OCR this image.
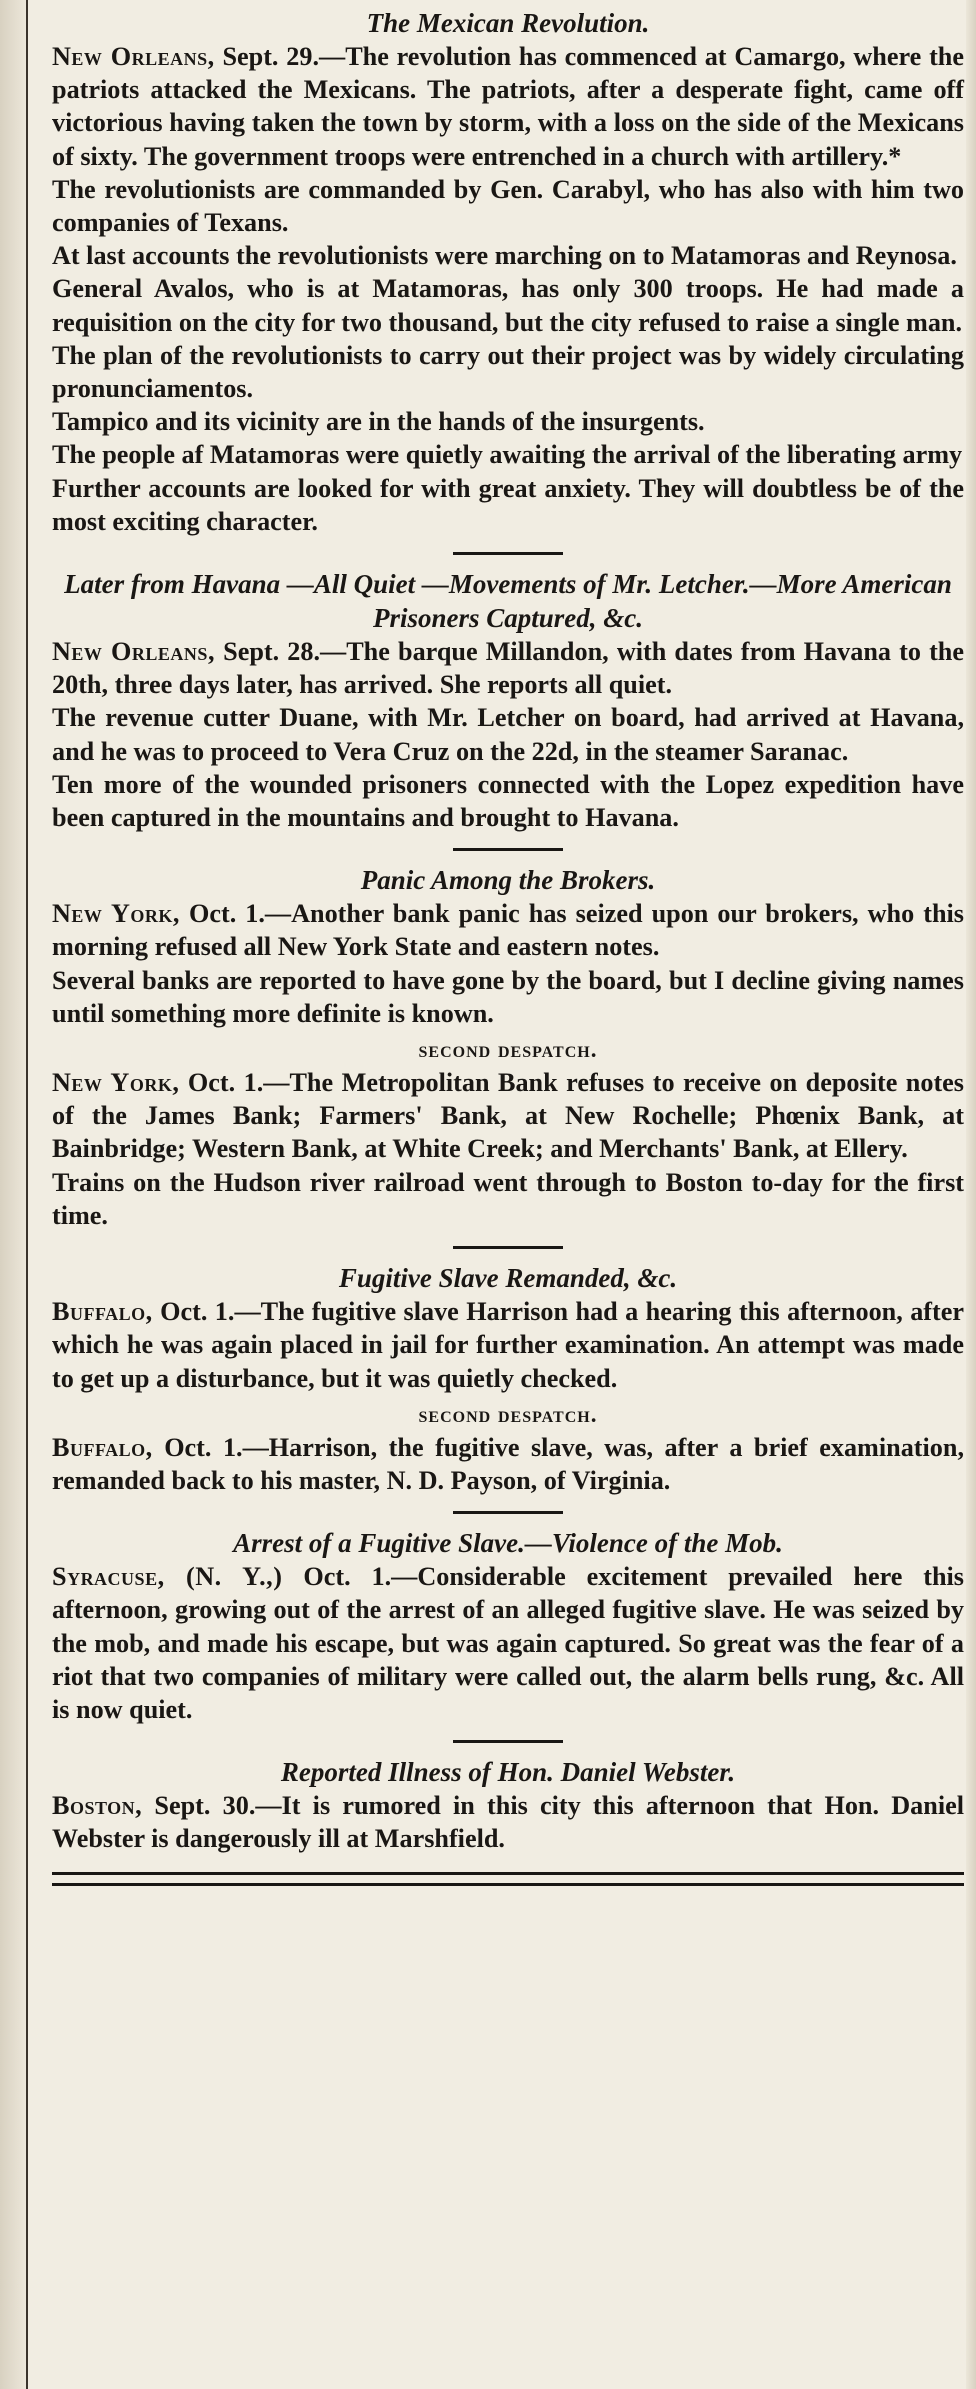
The Mexican Revolution.

New Orleans, Sept. 29.—The revolution has commenced at Camargo, where the patriots attacked the Mexicans. The patriots, after a desperate fight, came off victorious having taken the town by storm, with a loss on the side of the Mexicans of sixty. The government troops were entrenched in a church with artillery.*

The revolutionists are commanded by Gen. Carabyl, who has also with him two companies of Texans.

At last accounts the revolutionists were marching on to Matamoras and Reynosa.

General Avalos, who is at Matamoras, has only 300 troops. He had made a requisition on the city for two thousand, but the city refused to raise a single man.

The plan of the revolutionists to carry out their project was by widely circulating pronunciamentos.

Tampico and its vicinity are in the hands of the insurgents.

The people af Matamoras were quietly awaiting the arrival of the liberating army

Further accounts are looked for with great anxiety. They will doubtless be of the most exciting character.

Later from Havana —All Quiet —Movements of Mr. Letcher.—More American Prisoners Captured, &c.

New Orleans, Sept. 28.—The barque Millandon, with dates from Havana to the 20th, three days later, has arrived. She reports all quiet.

The revenue cutter Duane, with Mr. Letcher on board, had arrived at Havana, and he was to proceed to Vera Cruz on the 22d, in the steamer Saranac.

Ten more of the wounded prisoners connected with the Lopez expedition have been captured in the mountains and brought to Havana.

Panic Among the Brokers.

New York, Oct. 1.—Another bank panic has seized upon our brokers, who this morning refused all New York State and eastern notes.

Several banks are reported to have gone by the board, but I decline giving names until something more definite is known.

second despatch.

New York, Oct. 1.—The Metropolitan Bank refuses to receive on deposite notes of the James Bank; Farmers' Bank, at New Rochelle; Phœnix Bank, at Bainbridge; Western Bank, at White Creek; and Merchants' Bank, at Ellery.

Trains on the Hudson river railroad went through to Boston to-day for the first time.

Fugitive Slave Remanded, &c.

Buffalo, Oct. 1.—The fugitive slave Harrison had a hearing this afternoon, after which he was again placed in jail for further examination. An attempt was made to get up a disturbance, but it was quietly checked.

second despatch.

Buffalo, Oct. 1.—Harrison, the fugitive slave, was, after a brief examination, remanded back to his master, N. D. Payson, of Virginia.

Arrest of a Fugitive Slave.—Violence of the Mob.

Syracuse, (N. Y.,) Oct. 1.—Considerable excitement prevailed here this afternoon, growing out of the arrest of an alleged fugitive slave. He was seized by the mob, and made his escape, but was again captured. So great was the fear of a riot that two companies of military were called out, the alarm bells rung, &c. All is now quiet.

Reported Illness of Hon. Daniel Webster.

Boston, Sept. 30.—It is rumored in this city this afternoon that Hon. Daniel Webster is dangerously ill at Marshfield.
